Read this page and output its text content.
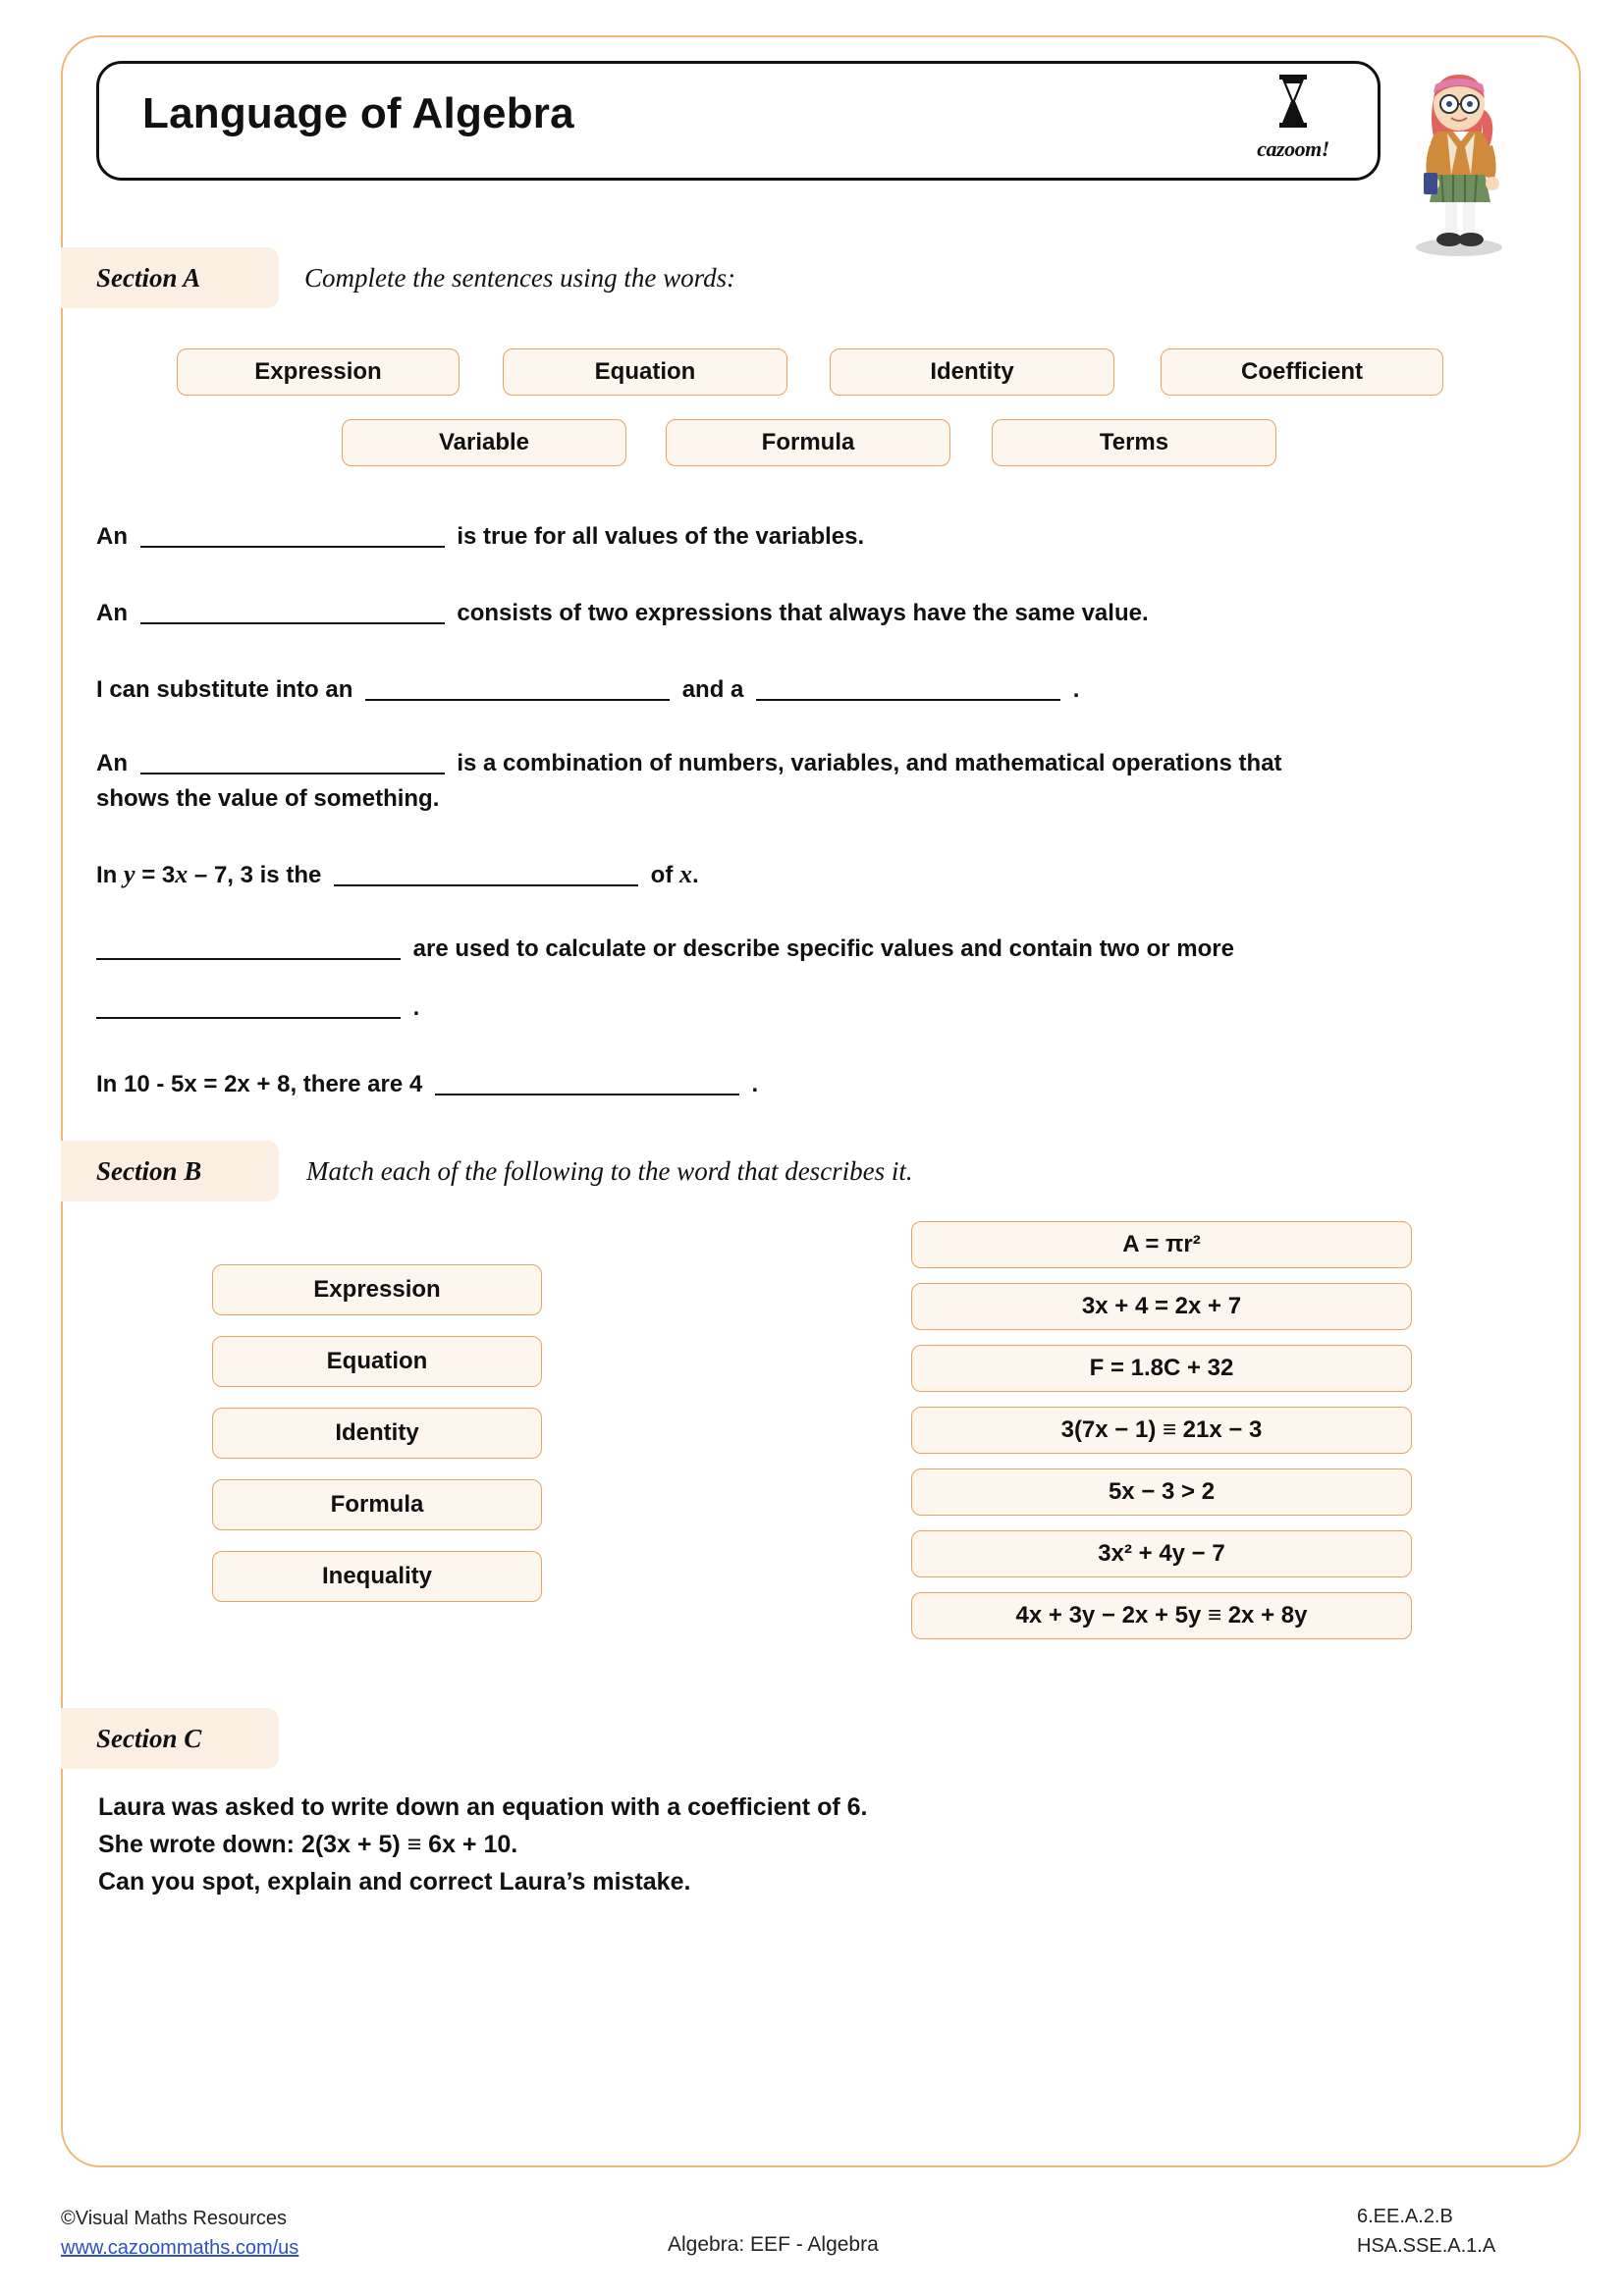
Language of Algebra
cazoom!
Section A	Complete the sentences using the words:
Expression	Equation	Identity	Coefficient
Variable	Formula	Terms
An	is true for all values of the variables.
An	consists of two expressions that always have the same value.
I can substitute into an	and a	.
An	is a combination of numbers, variables, and mathematical operations that
shows the value of something.
In y = 3x – 7, 3 is the	of x.
are used to calculate or describe specific values and contain two or more
.
In 10 - 5x = 2x + 8, there are 4	.
Section B	Match each of the following to the word that describes it.
Expression
Equation
Identity
Formula
Inequality
A = πr²
3x + 4 = 2x + 7
F = 1.8C + 32
3(7x − 1) ≡ 21x − 3
5x − 3 > 2
3x² + 4y − 7
4x + 3y − 2x + 5y ≡ 2x + 8y
Section C
Laura was asked to write down an equation with a coefficient of 6.
She wrote down: 2(3x + 5) ≡ 6x + 10.
Can you spot, explain and correct Laura’s mistake.
©Visual Maths Resources
www.cazoommaths.com/us	Algebra: EEF - Algebra
6.EE.A.2.B
HSA.SSE.A.1.A
